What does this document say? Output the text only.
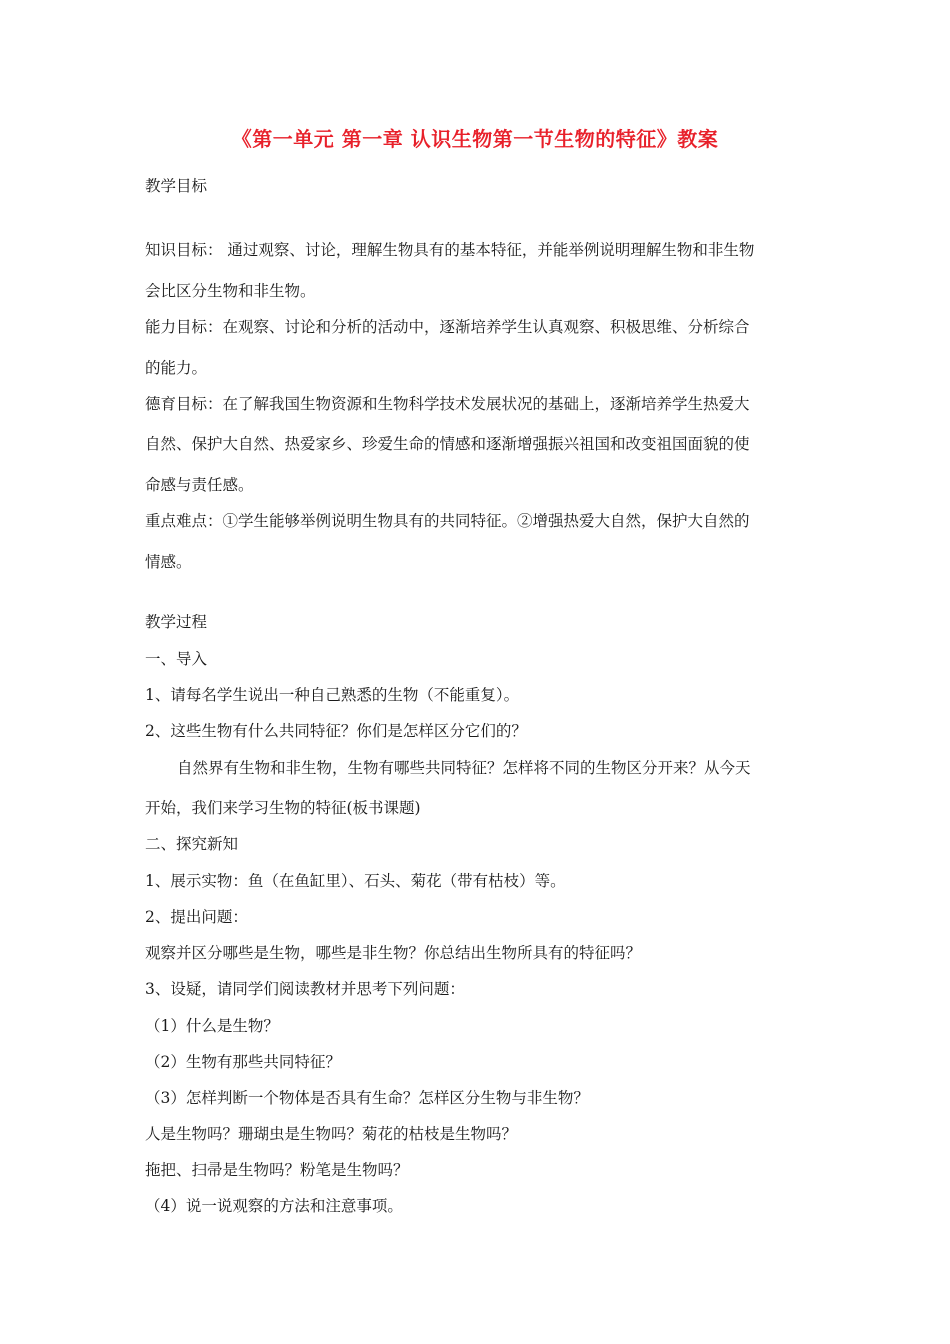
《第一单元 第一章 认识生物第一节生物的特征》教案
教学目标
知识目标： 通过观察、讨论，理解生物具有的基本特征，并能举例说明理解生物和非生物
会比区分生物和非生物。
能力目标：在观察、讨论和分析的活动中，逐渐培养学生认真观察、积极思维、分析综合
的能力。
德育目标：在了解我国生物资源和生物科学技术发展状况的基础上，逐渐培养学生热爱大
自然、保护大自然、热爱家乡、珍爱生命的情感和逐渐增强振兴祖国和改变祖国面貌的使
命感与责任感。
重点难点：①学生能够举例说明生物具有的共同特征。②增强热爱大自然，保护大自然的
情感。
教学过程
一、导入
1、请每名学生说出一种自己熟悉的生物（不能重复）。
2、这些生物有什么共同特征？你们是怎样区分它们的？
自然界有生物和非生物，生物有哪些共同特征？怎样将不同的生物区分开来？从今天
开始，我们来学习生物的特征(板书课题)
二、探究新知
1、展示实物：鱼（在鱼缸里）、石头、菊花（带有枯枝）等。
2、提出问题：
观察并区分哪些是生物，哪些是非生物？你总结出生物所具有的特征吗？
3、设疑，请同学们阅读教材并思考下列问题：
（1）什么是生物？
（2）生物有那些共同特征？
（3）怎样判断一个物体是否具有生命？怎样区分生物与非生物？
人是生物吗？珊瑚虫是生物吗？菊花的枯枝是生物吗？
拖把、扫帚是生物吗？粉笔是生物吗？
（4）说一说观察的方法和注意事项。
